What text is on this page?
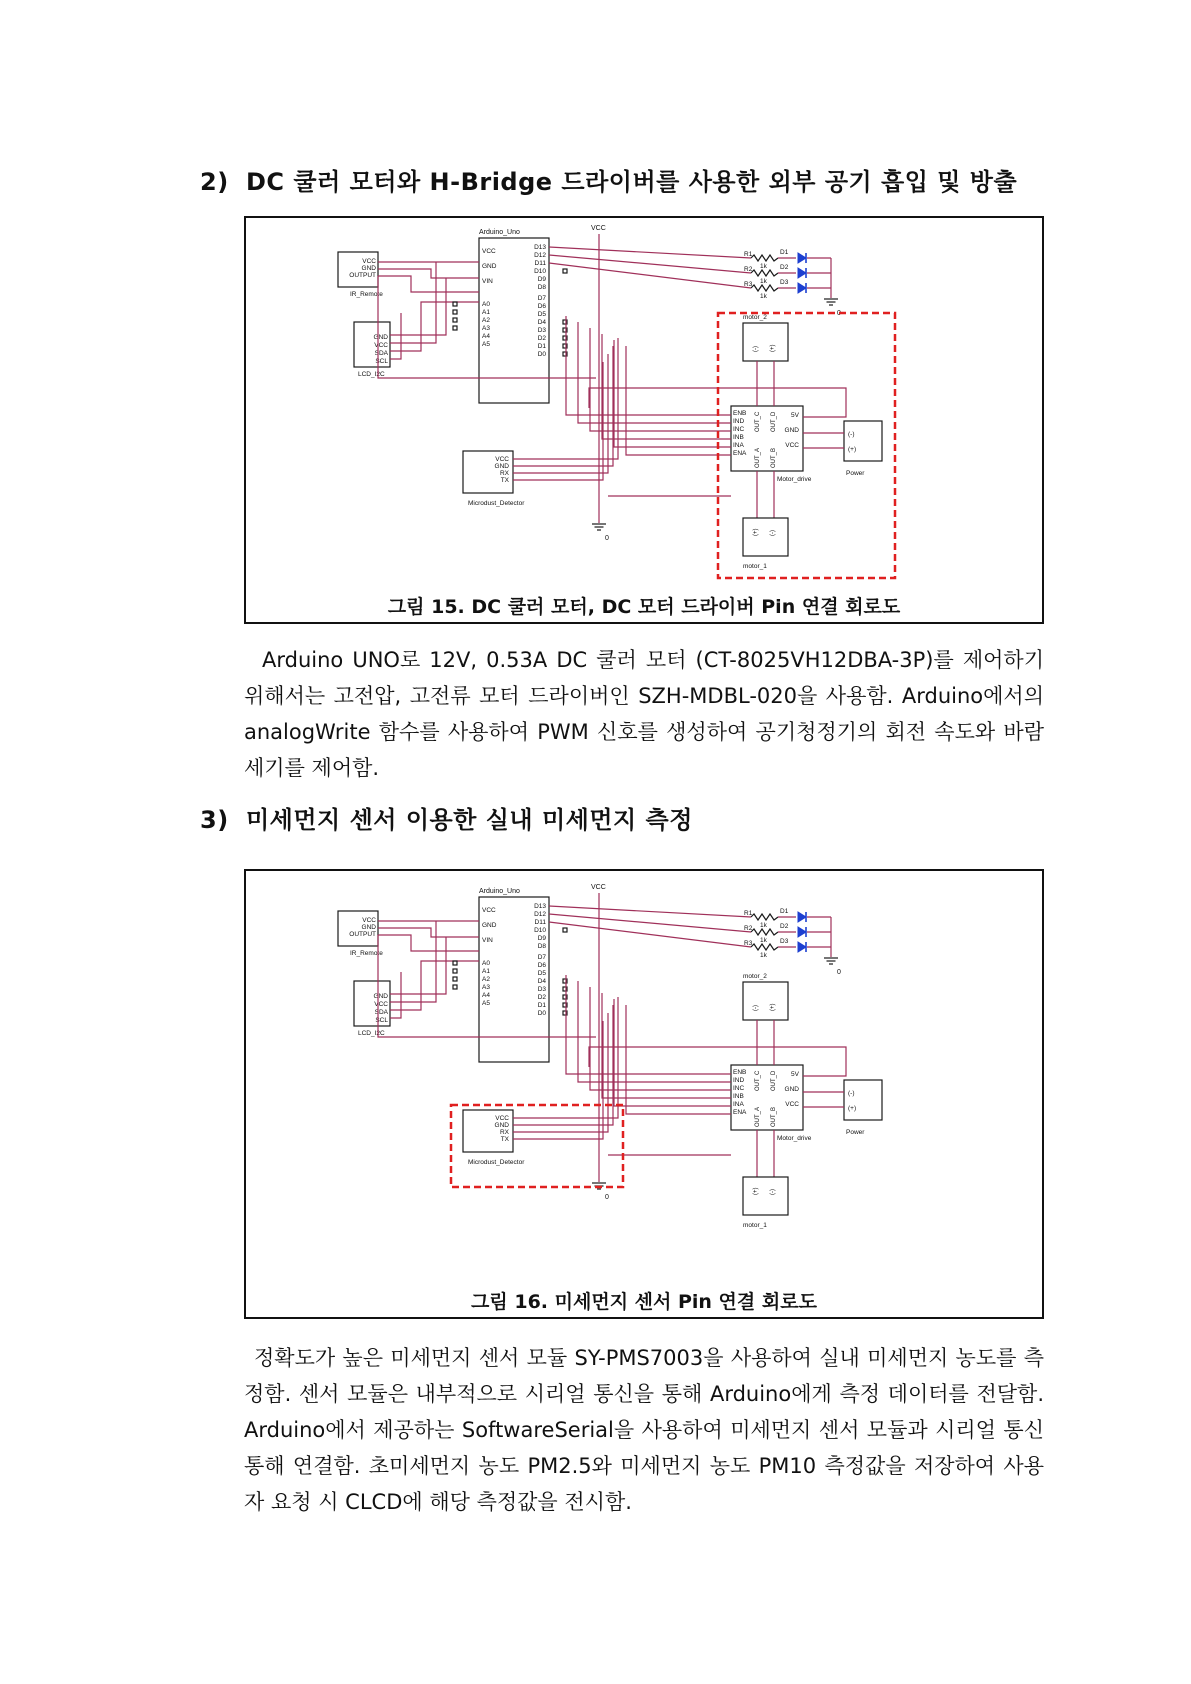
2) DC 쿨러 모터와 H-Bridge 드라이버를 사용한 외부 공기 흡입 및 방출
Arduino_Uno
VCC
GND
VIN
A0
A1
A2
A3
A4
A5
D13
D12
D11
D10
D9
D8
D7
D6
D5
D4
D3
D2
D1
D0
VCC
0
VCC
GND
OUTPUT
IR_Remote
GND
VCC
SDA
SCL
LCD_I2C
R1
1k
D1
R2
1k
D2
R3
1k
D3
0
motor_2
(-) (+)
ENB
IND
INC
INB
INA
ENA
OUT_C OUT_D
OUT_A OUT_B
5V
GND
VCC
Motor_drive
motor_1
(+) (-)
(-)
(+)
Power
VCC
GND
RX
TX
Microdust_Detector
그림 15. DC 쿨러 모터, DC 모터 드라이버 Pin 연결 회로도

Arduino UNO로 12V, 0.53A DC 쿨러 모터 (CT-8025VH12DBA-3P)를 제어하기 위해서는 고전압, 고전류 모터 드라이버인 SZH-MDBL-020을 사용함. Arduino에서의 analogWrite 함수를 사용하여 PWM 신호를 생성하여 공기청정기의 회전 속도와 바람세기를 제어함.

3) 미세먼지 센서 이용한 실내 미세먼지 측정
Arduino_Uno
VCC
GND
VIN
A0
A1
A2
A3
A4
A5
D13
D12
D11
D10
D9
D8
D7
D6
D5
D4
D3
D2
D1
D0
VCC
0
VCC
GND
OUTPUT
IR_Remote
GND
VCC
SDA
SCL
LCD_I2C
R1
1k
D1
R2
1k
D2
R3
1k
D3
0
motor_2
(-) (+)
ENB
IND
INC
INB
INA
ENA
OUT_C OUT_D
OUT_A OUT_B
5V
GND
VCC
Motor_drive
motor_1
(+) (-)
(-)
(+)
Power
VCC
GND
RX
TX
Microdust_Detector
그림 16. 미세먼지 센서 Pin 연결 회로도

정확도가 높은 미세먼지 센서 모듈 SY-PMS7003을 사용하여 실내 미세먼지 농도를 측정함. 센서 모듈은 내부적으로 시리얼 통신을 통해 Arduino에게 측정 데이터를 전달함. Arduino에서 제공하는 SoftwareSerial을 사용하여 미세먼지 센서 모듈과 시리얼 통신 통해 연결함. 초미세먼지 농도 PM2.5와 미세먼지 농도 PM10 측정값을 저장하여 사용자 요청 시 CLCD에 해당 측정값을 전시함.
